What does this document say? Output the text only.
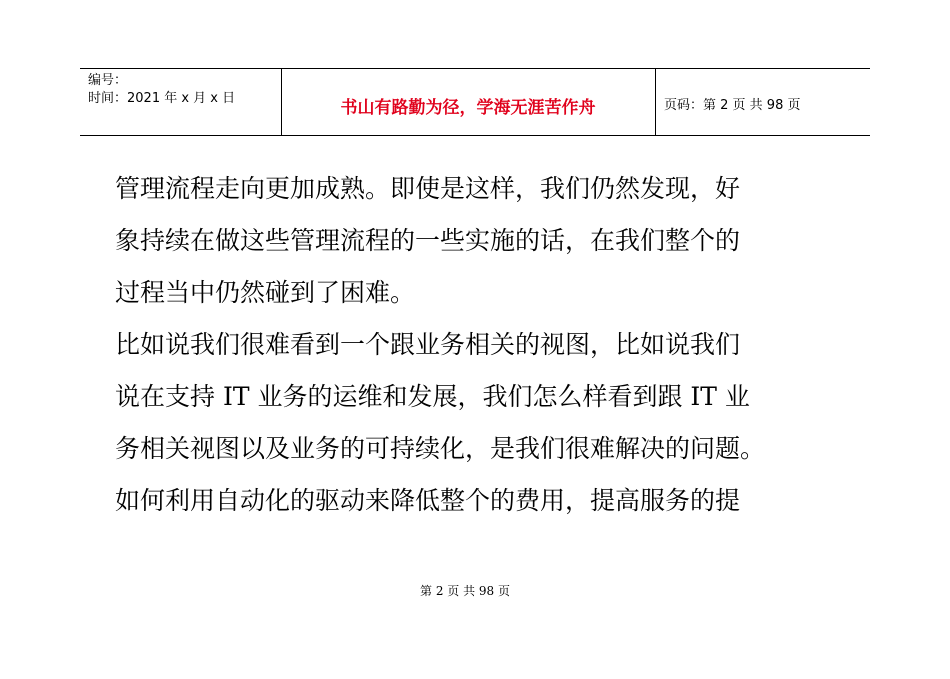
编号：
时间：2021 年 x 月 x 日	书山有路勤为径，学海无涯苦作舟	页码：第 2 页 共 98 页
管理流程走向更加成熟。即使是这样，我们仍然发现，好
象持续在做这些管理流程的一些实施的话，在我们整个的
过程当中仍然碰到了困难。
比如说我们很难看到一个跟业务相关的视图，比如说我们
说在支持 IT 业务的运维和发展，我们怎么样看到跟 IT 业
务相关视图以及业务的可持续化，是我们很难解决的问题。
如何利用自动化的驱动来降低整个的费用，提高服务的提
第 2 页 共 98 页
